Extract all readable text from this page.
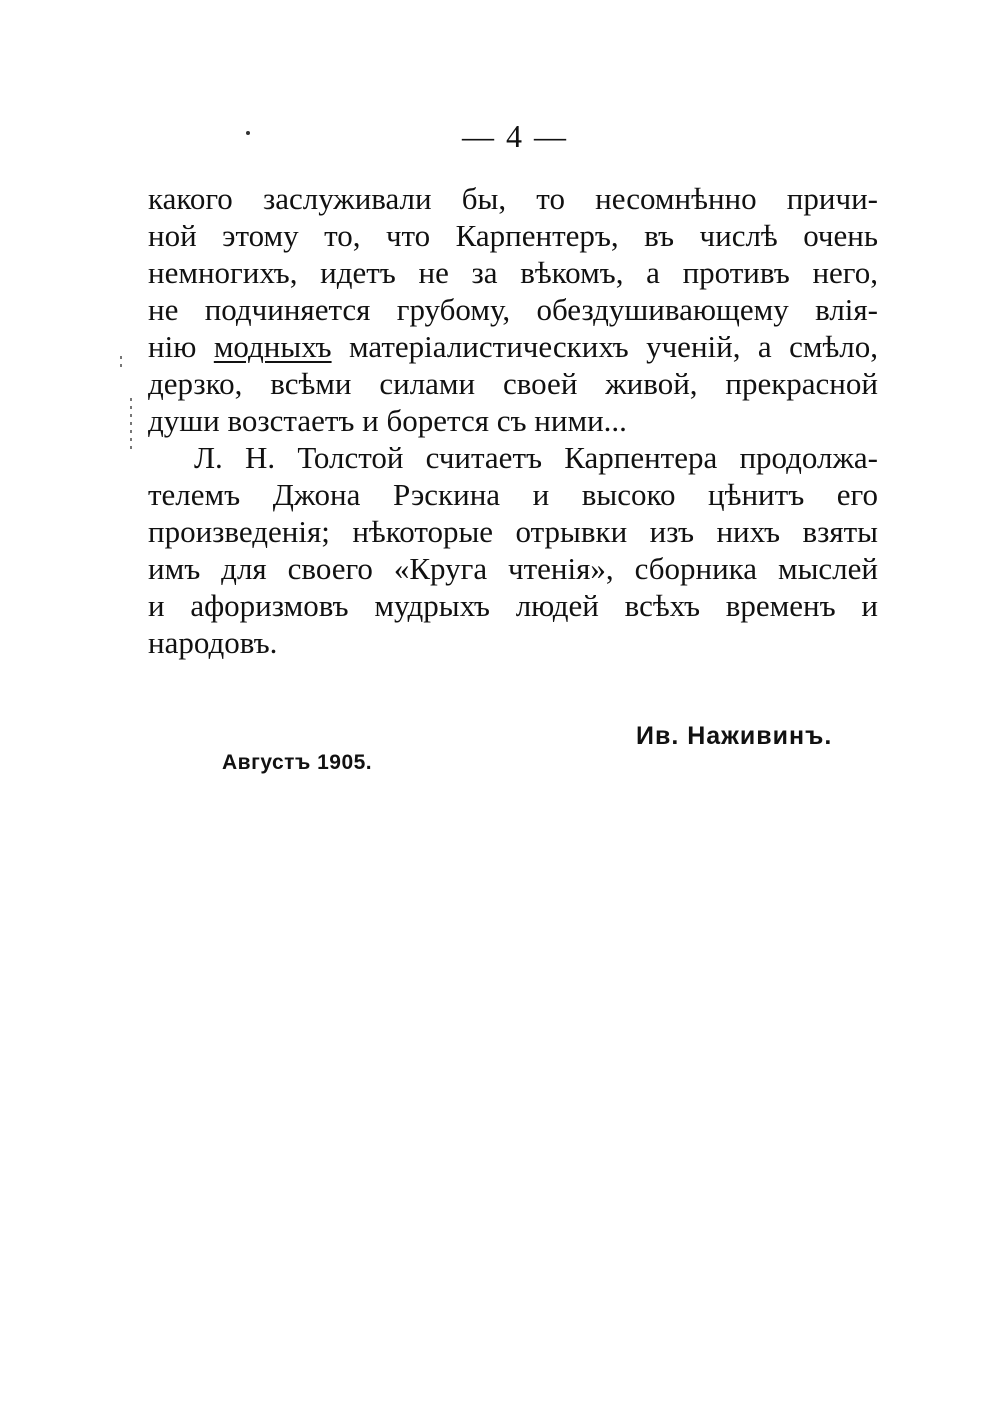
— 4 —
какого заслуживали бы, то несомнѣнно причи-
ной этому то, что Карпентеръ, въ числѣ очень
немногихъ, идетъ не за вѣкомъ, а противъ него,
не подчиняется грубому, обездушивающему влія-
нію модныхъ матеріалистическихъ ученій, а смѣло,
дерзко, всѣми силами своей живой, прекрасной
души возстаетъ и борется съ ними...
Л. Н. Толстой считаетъ Карпентера продолжа-
телемъ Джона Рэскина и высоко цѣнитъ его
произведенія; нѣкоторые отрывки изъ нихъ взяты
имъ для своего «Круга чтенія», сборника мыслей
и афоризмовъ мудрыхъ людей всѣхъ временъ и
народовъ.
Ив. Наживинъ.
Августъ 1905.
